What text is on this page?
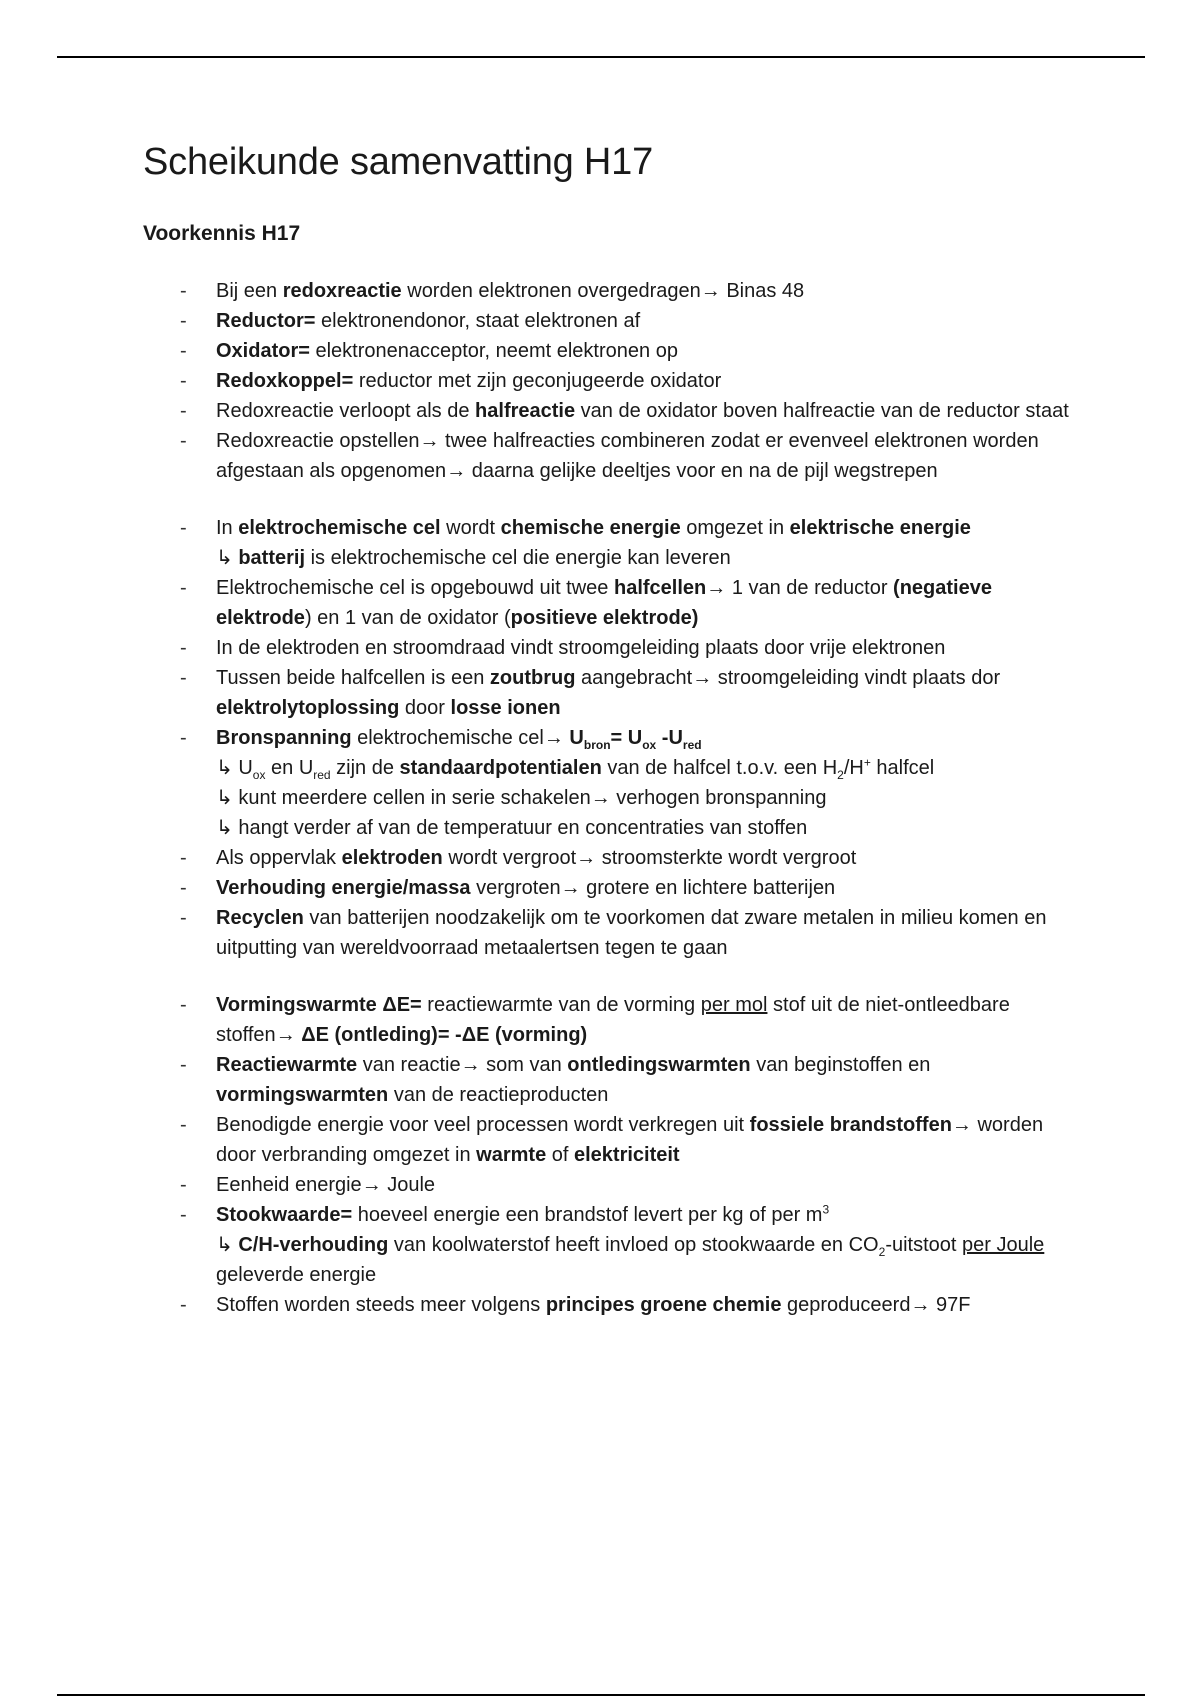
Scheikunde samenvatting H17
Voorkennis H17
- Bij een redoxreactie worden elektronen overgedragen→ Binas 48
- Reductor= elektronendonor, staat elektronen af
- Oxidator= elektronenacceptor, neemt elektronen op
- Redoxkoppel= reductor met zijn geconjugeerde oxidator
- Redoxreactie verloopt als de halfreactie van de oxidator boven halfreactie van de reductor staat
- Redoxreactie opstellen→ twee halfreacties combineren zodat er evenveel elektronen worden afgestaan als opgenomen→ daarna gelijke deeltjes voor en na de pijl wegstrepen
- In elektrochemische cel wordt chemische energie omgezet in elektrische energie
↳ batterij is elektrochemische cel die energie kan leveren
- Elektrochemische cel is opgebouwd uit twee halfcellen→ 1 van de reductor (negatieve elektrode) en 1 van de oxidator (positieve elektrode)
- In de elektroden en stroomdraad vindt stroomgeleiding plaats door vrije elektronen
- Tussen beide halfcellen is een zoutbrug aangebracht→ stroomgeleiding vindt plaats dor elektrolytoplossing door losse ionen
- Bronspanning elektrochemische $cel\to U_{bron}= U_{ox}$ $-U_{red}$
↳ $U_{ox}$ en $U_{red}$ zijn de standaardpotentialen van de halfcel t.o.v. een $H_2/H^+$ halfcel
↳ kunt meerdere cellen in serie schakelen→ verhogen bronspanning
↳ hangt verder af van de temperatuur en concentraties van stoffen
- Als oppervlak elektroden wordt vergroot→ stroomsterkte wordt vergroot
- Verhouding energie/massa vergroten→ grotere en lichtere batterijen
- Recyclen van batterijen noodzakelijk om te voorkomen dat zware metalen in milieu komen en uitputting van wereldvoorraad metaalertsen tegen te gaan
- Vormingswarmte ΔE= reactiewarmte van de vorming per mol stof uit de niet-ontleedbare stoffen→ ΔE (ontleding)= -ΔE (vorming)
- Reactiewarmte van reactie→ som van ontledingswarmten van beginstoffen en vormingswarmten van de reactieproducten
- Benodigde energie voor veel processen wordt verkregen uit fossiele brandstoffen→ worden door verbranding omgezet in warmte of elektriciteit
- Eenheid energie→ Joule
- Stookwaarde= hoeveel energie een brandstof levert per kg of per $m^3$
↳ C/H-verhouding van koolwaterstof heeft invloed op stookwaarde en $CO_2$-uitstoot per Joule geleverde energie
- Stoffen worden steeds meer volgens principes groene chemie geproduceerd→ 97F
